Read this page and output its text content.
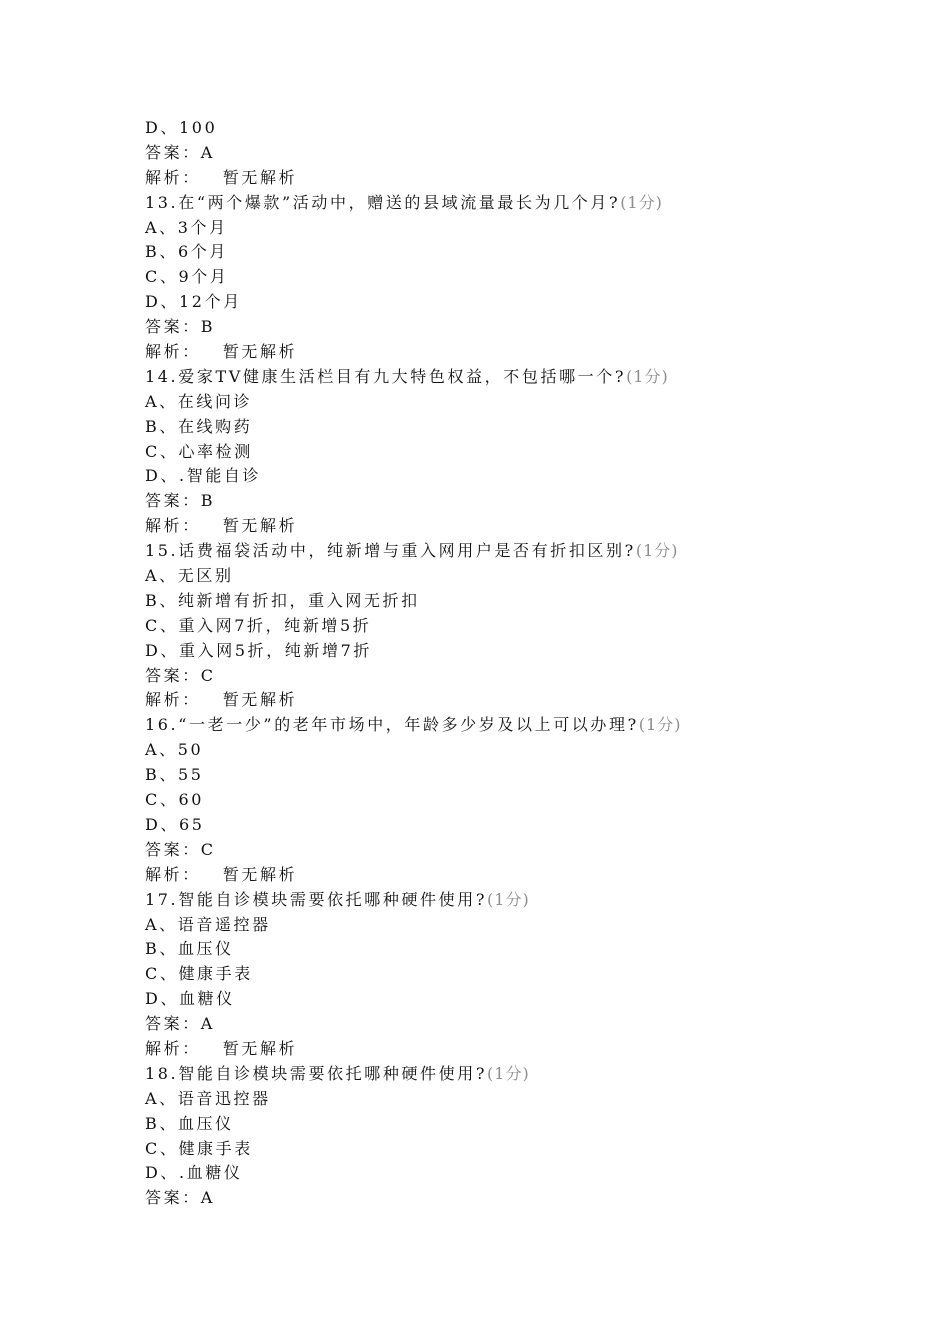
D、100
答案：A
解析： 暂无解析
13.在“两个爆款”活动中，赠送的县域流量最长为几个月?(1分)
A、3个月
B、6个月
C、9个月
D、12个月
答案：B
解析： 暂无解析
14.爱家TV健康生活栏目有九大特色权益，不包括哪一个?(1分)
A、在线问诊
B、在线购药
C、心率检测
D、.智能自诊
答案：B
解析： 暂无解析
15.话费福袋活动中，纯新增与重入网用户是否有折扣区别?(1分)
A、无区别
B、纯新增有折扣，重入网无折扣
C、重入网7折，纯新增5折
D、重入网5折，纯新增7折
答案：C
解析： 暂无解析
16.“一老一少”的老年市场中，年龄多少岁及以上可以办理?(1分)
A、50
B、55
C、60
D、65
答案：C
解析： 暂无解析
17.智能自诊模块需要依托哪种硬件使用?(1分)
A、语音遥控器
B、血压仪
C、健康手表
D、血糖仪
答案：A
解析： 暂无解析
18.智能自诊模块需要依托哪种硬件使用?(1分)
A、语音迅控器
B、血压仪
C、健康手表
D、.血糖仪
答案：A
